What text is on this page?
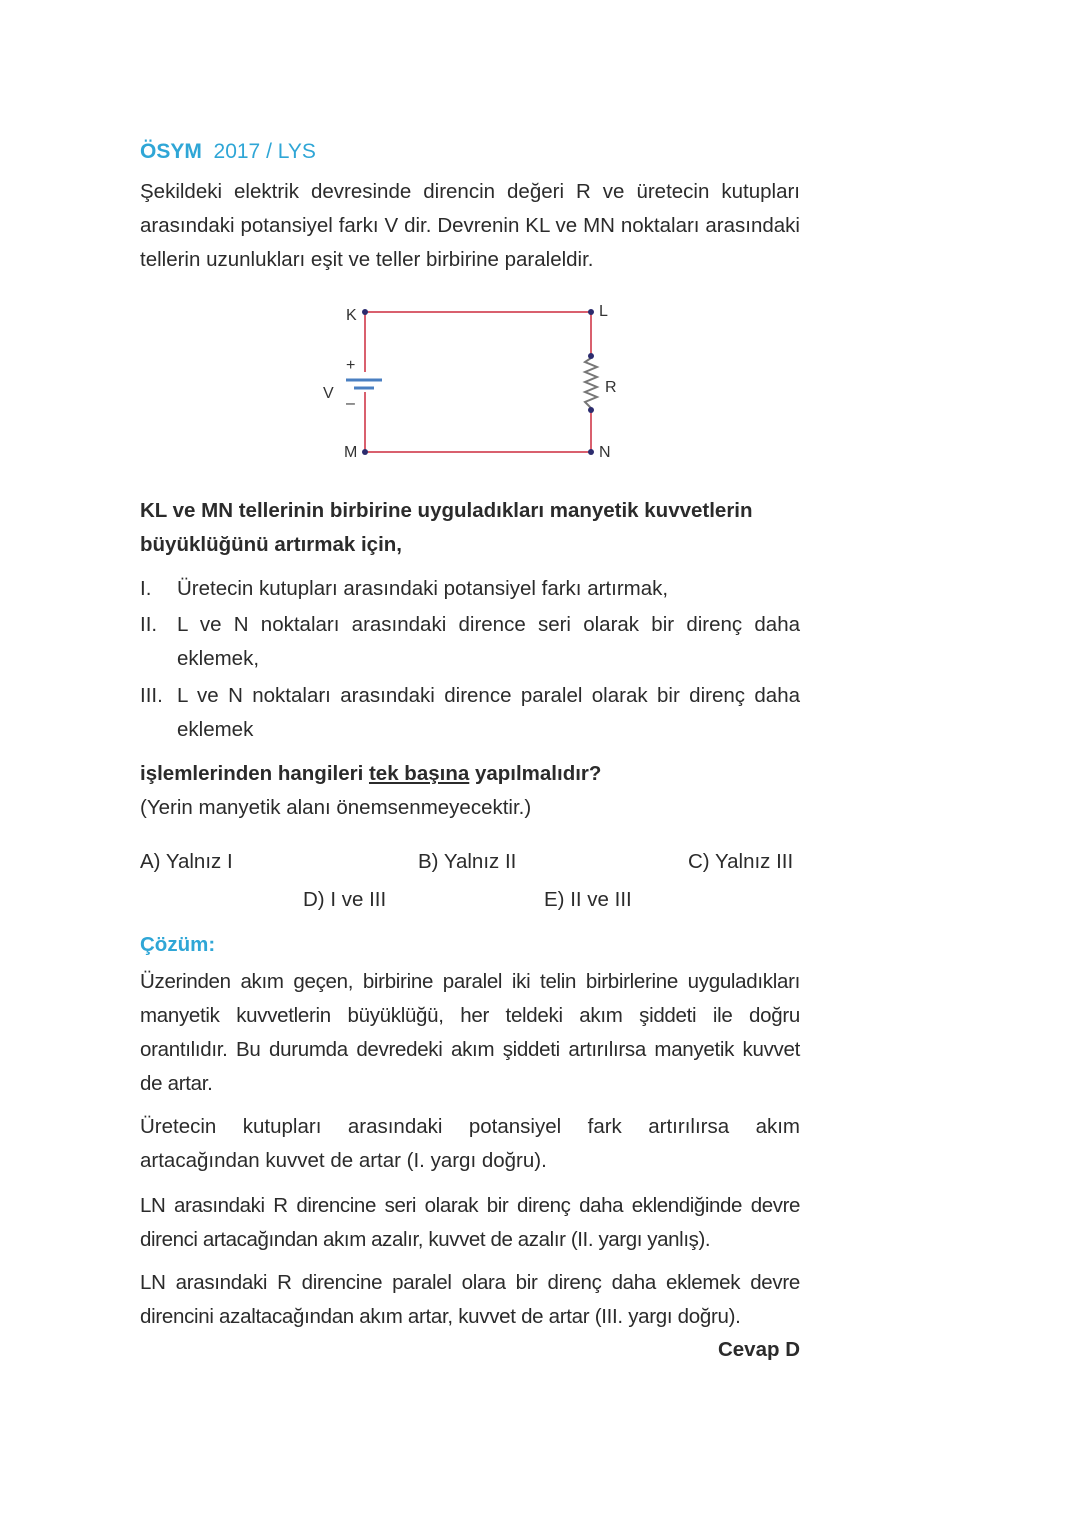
ÖSYM 2017 / LYS
Şekildeki elektrik devresinde direncin değeri R ve üretecin kutupları arasındaki potansiyel farkı V dir. Devrenin KL ve MN noktaları arasındaki tellerin uzunlukları eşit ve teller birbirine paraleldir.
K	L
M	N
V	R
+
–
KL ve MN tellerinin birbirine uyguladıkları manyetik kuvvetlerin büyüklüğünü artırmak için,
I. Üretecin kutupları arasındaki potansiyel farkı artırmak,
II. L ve N noktaları arasındaki dirence seri olarak bir direnç daha eklemek,
III. L ve N noktaları arasındaki dirence paralel olarak bir direnç daha eklemek
işlemlerinden hangileri tek başına yapılmalıdır?
(Yerin manyetik alanı önemsenmeyecektir.)
A) Yalnız I	B) Yalnız II	C) Yalnız III
D) I ve III	E) II ve III
Çözüm:
Üzerinden akım geçen, birbirine paralel iki telin birbirlerine uyguladıkları manyetik kuvvetlerin büyüklüğü, her teldeki akım şiddeti ile doğru orantılıdır. Bu durumda devredeki akım şiddeti artırılırsa manyetik kuvvet de artar.
Üretecin kutupları arasındaki potansiyel fark artırılırsa akım artacağından kuvvet de artar (I. yargı doğru).
LN arasındaki R direncine seri olarak bir direnç daha eklendiğinde devre direnci artacağından akım azalır, kuvvet de azalır (II. yargı yanlış).
LN arasındaki R direncine paralel olara bir direnç daha eklemek devre direncini azaltacağından akım artar, kuvvet de artar (III. yargı doğru).
Cevap D
